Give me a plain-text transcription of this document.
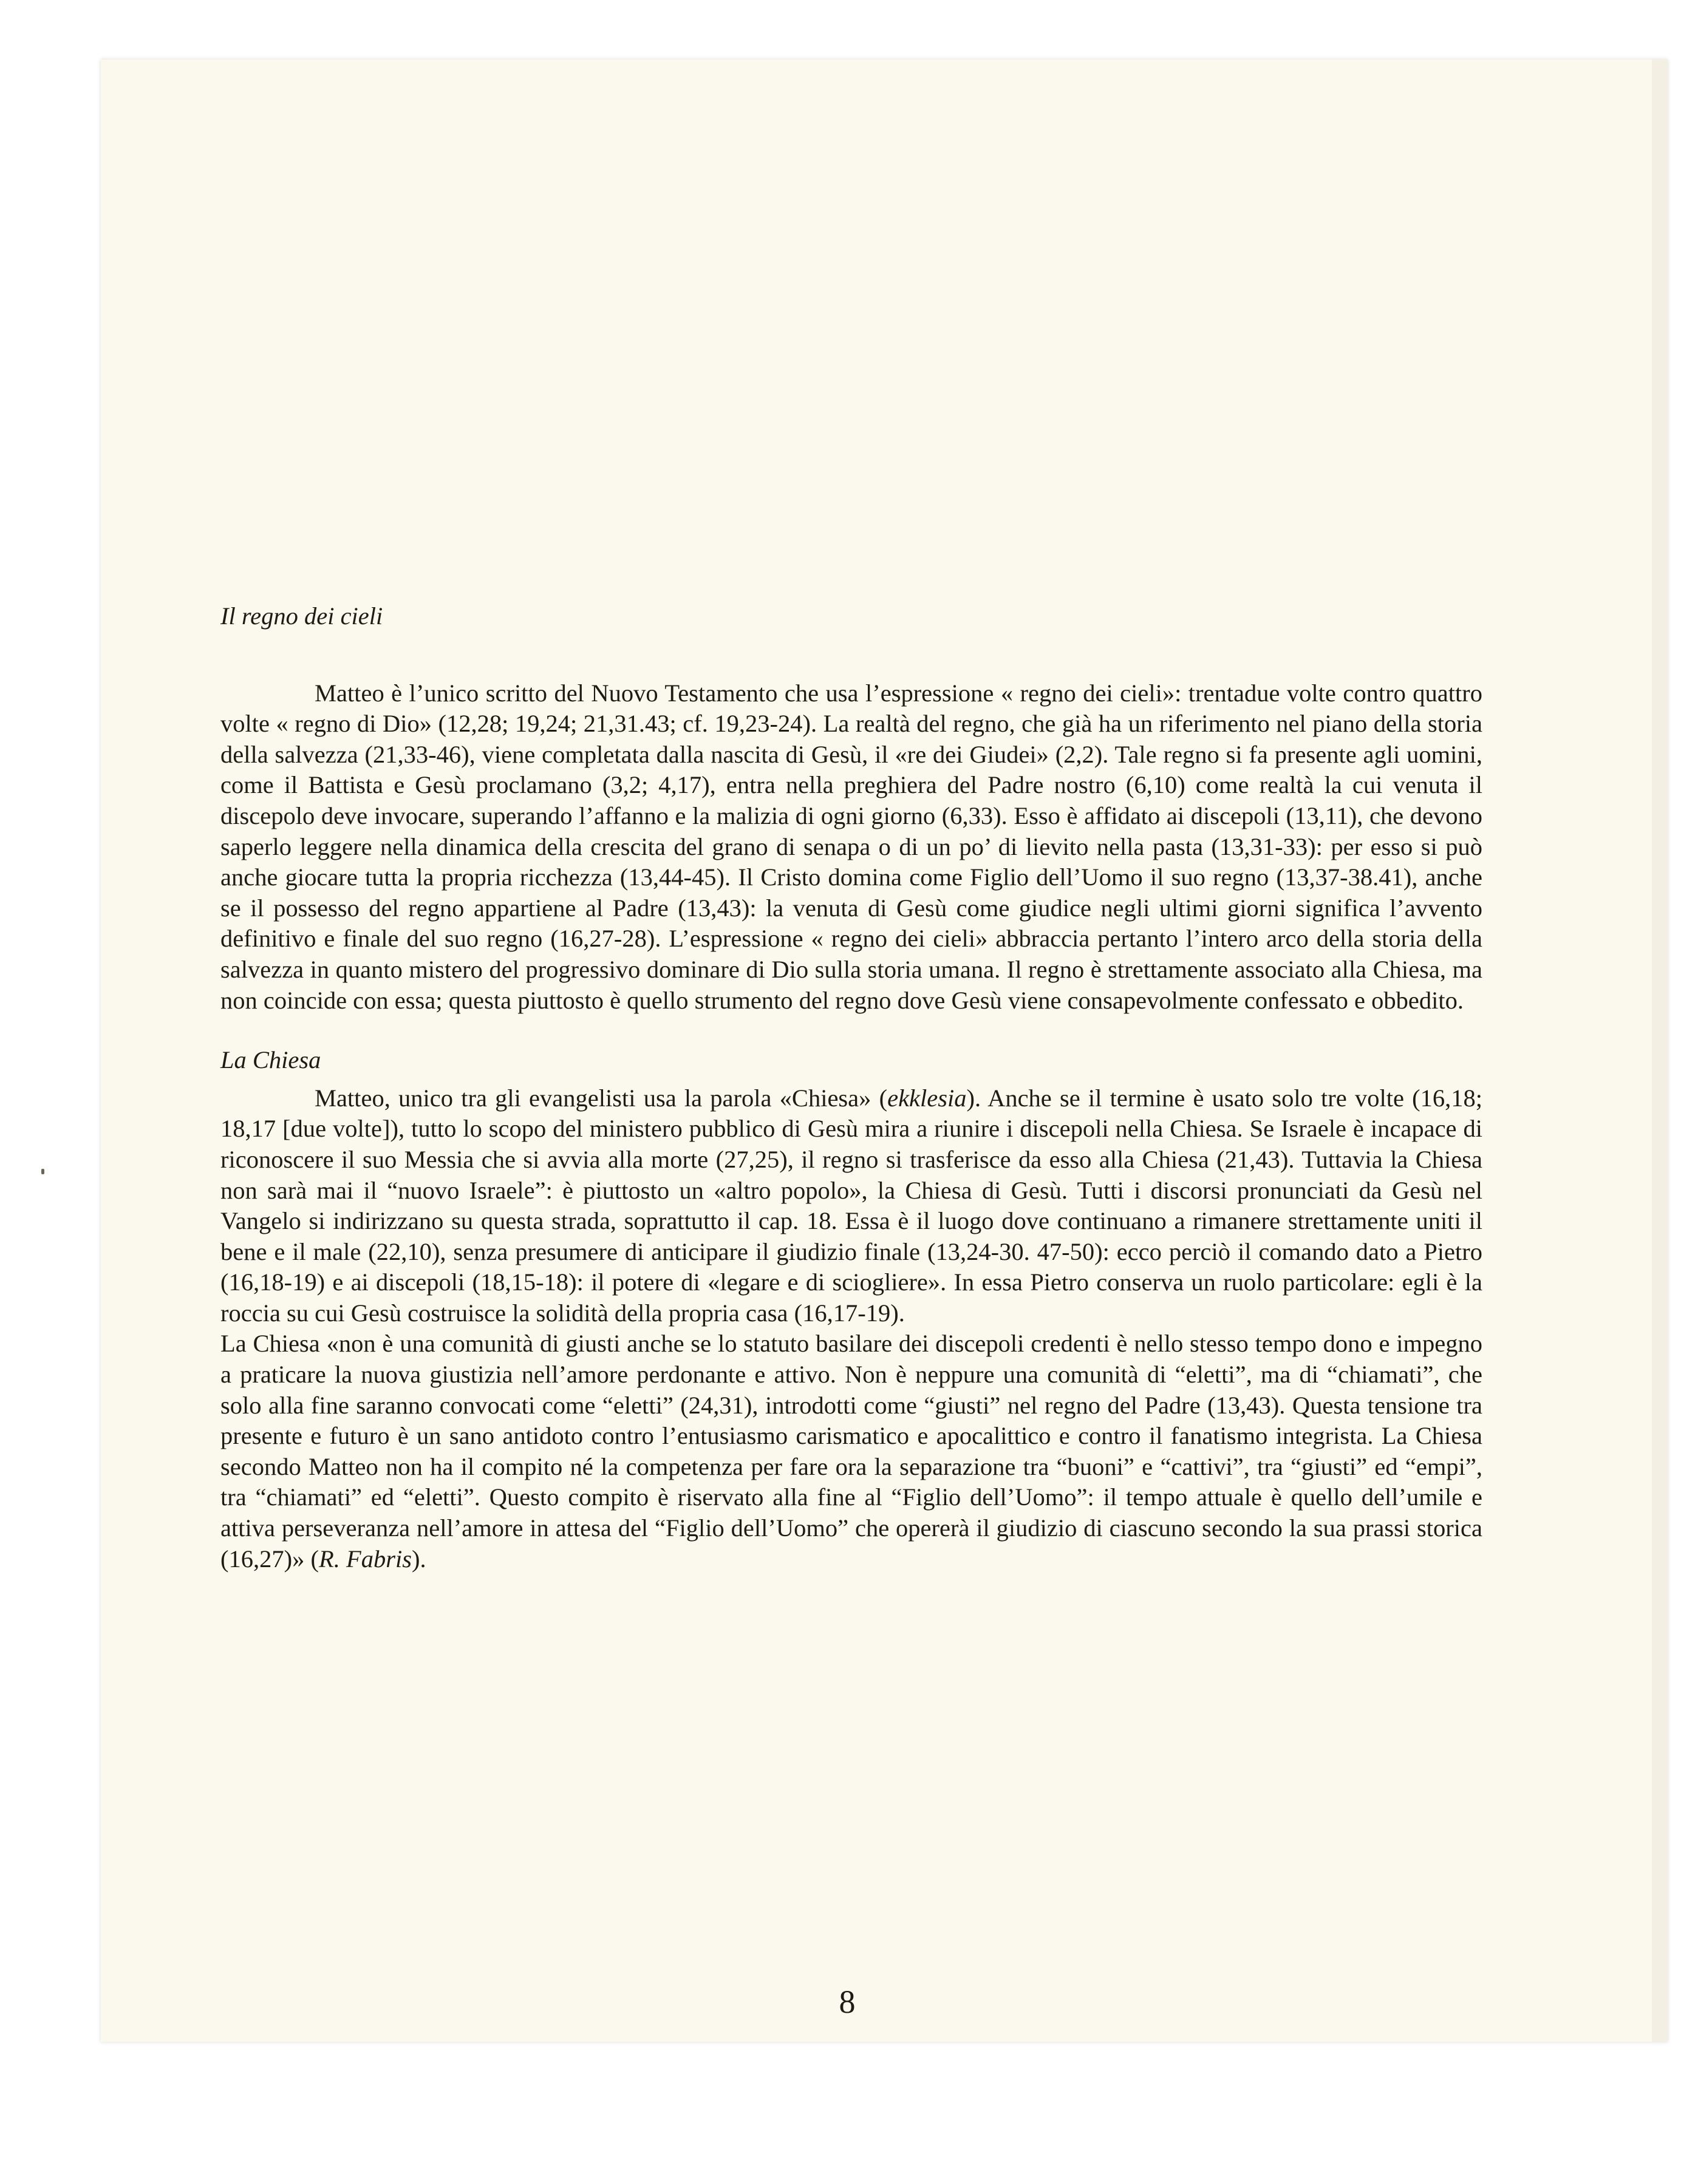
Il regno dei cieli

Matteo è l’unico scritto del Nuovo Testamento che usa l’espressione « regno dei cieli»: trentadue volte contro quattro volte « regno di Dio» (12,28; 19,24; 21,31.43; cf. 19,23-24). La realtà del regno, che già ha un riferimento nel piano della storia della salvezza (21,33-46), viene completata dalla nascita di Gesù, il «re dei Giudei» (2,2). Tale regno si fa presente agli uomini, come il Battista e Gesù proclamano (3,2; 4,17), entra nella preghiera del Padre nostro (6,10) come realtà la cui venuta il discepolo deve invocare, superando l’affanno e la malizia di ogni giorno (6,33). Esso è affidato ai discepoli (13,11), che devono saperlo leggere nella dinamica della crescita del grano di senapa o di un po’ di lievito nella pasta (13,31-33): per esso si può anche giocare tutta la propria ricchezza (13,44-45). Il Cristo domina come Figlio dell’Uomo il suo regno (13,37-38.41), anche se il possesso del regno appartiene al Padre (13,43): la venuta di Gesù come giudice negli ultimi giorni significa l’avvento definitivo e finale del suo regno (16,27-28). L’espressione « regno dei cieli» abbraccia pertanto l’intero arco della storia della salvezza in quanto mistero del progressivo dominare di Dio sulla storia umana. Il regno è strettamente associato alla Chiesa, ma non coincide con essa; questa piuttosto è quello strumento del regno dove Gesù viene consapevolmente confessato e obbedito.

La Chiesa

Matteo, unico tra gli evangelisti usa la parola «Chiesa» (ekklesia). Anche se il termine è usato solo tre volte (16,18; 18,17 [due volte]), tutto lo scopo del ministero pubblico di Gesù mira a riunire i discepoli nella Chiesa. Se Israele è incapace di riconoscere il suo Messia che si avvia alla morte (27,25), il regno si trasferisce da esso alla Chiesa (21,43). Tuttavia la Chiesa non sarà mai il “nuovo Israele”: è piuttosto un «altro popolo», la Chiesa di Gesù. Tutti i discorsi pronunciati da Gesù nel Vangelo si indirizzano su questa strada, soprattutto il cap. 18. Essa è il luogo dove continuano a rimanere strettamente uniti il bene e il male (22,10), senza presumere di anticipare il giudizio finale (13,24-30. 47-50): ecco perciò il comando dato a Pietro (16,18-19) e ai discepoli (18,15-18): il potere di «legare e di sciogliere». In essa Pietro conserva un ruolo particolare: egli è la roccia su cui Gesù costruisce la solidità della propria casa (16,17-19).

La Chiesa «non è una comunità di giusti anche se lo statuto basilare dei discepoli credenti è nello stesso tempo dono e impegno a praticare la nuova giustizia nell’amore perdonante e attivo. Non è neppure una comunità di “eletti”, ma di “chiamati”, che solo alla fine saranno convocati come “eletti” (24,31), introdotti come “giusti” nel regno del Padre (13,43). Questa tensione tra presente e futuro è un sano antidoto contro l’entusiasmo carismatico e apocalittico e contro il fanatismo integrista. La Chiesa secondo Matteo non ha il compito né la competenza per fare ora la separazione tra “buoni” e “cattivi”, tra “giusti” ed “empi”, tra “chiamati” ed “eletti”. Questo compito è riservato alla fine al “Figlio dell’Uomo”: il tempo attuale è quello dell’umile e attiva perseveranza nell’amore in attesa del “Figlio dell’Uomo” che opererà il giudizio di ciascuno secondo la sua prassi storica (16,27)» (R. Fabris).

8
